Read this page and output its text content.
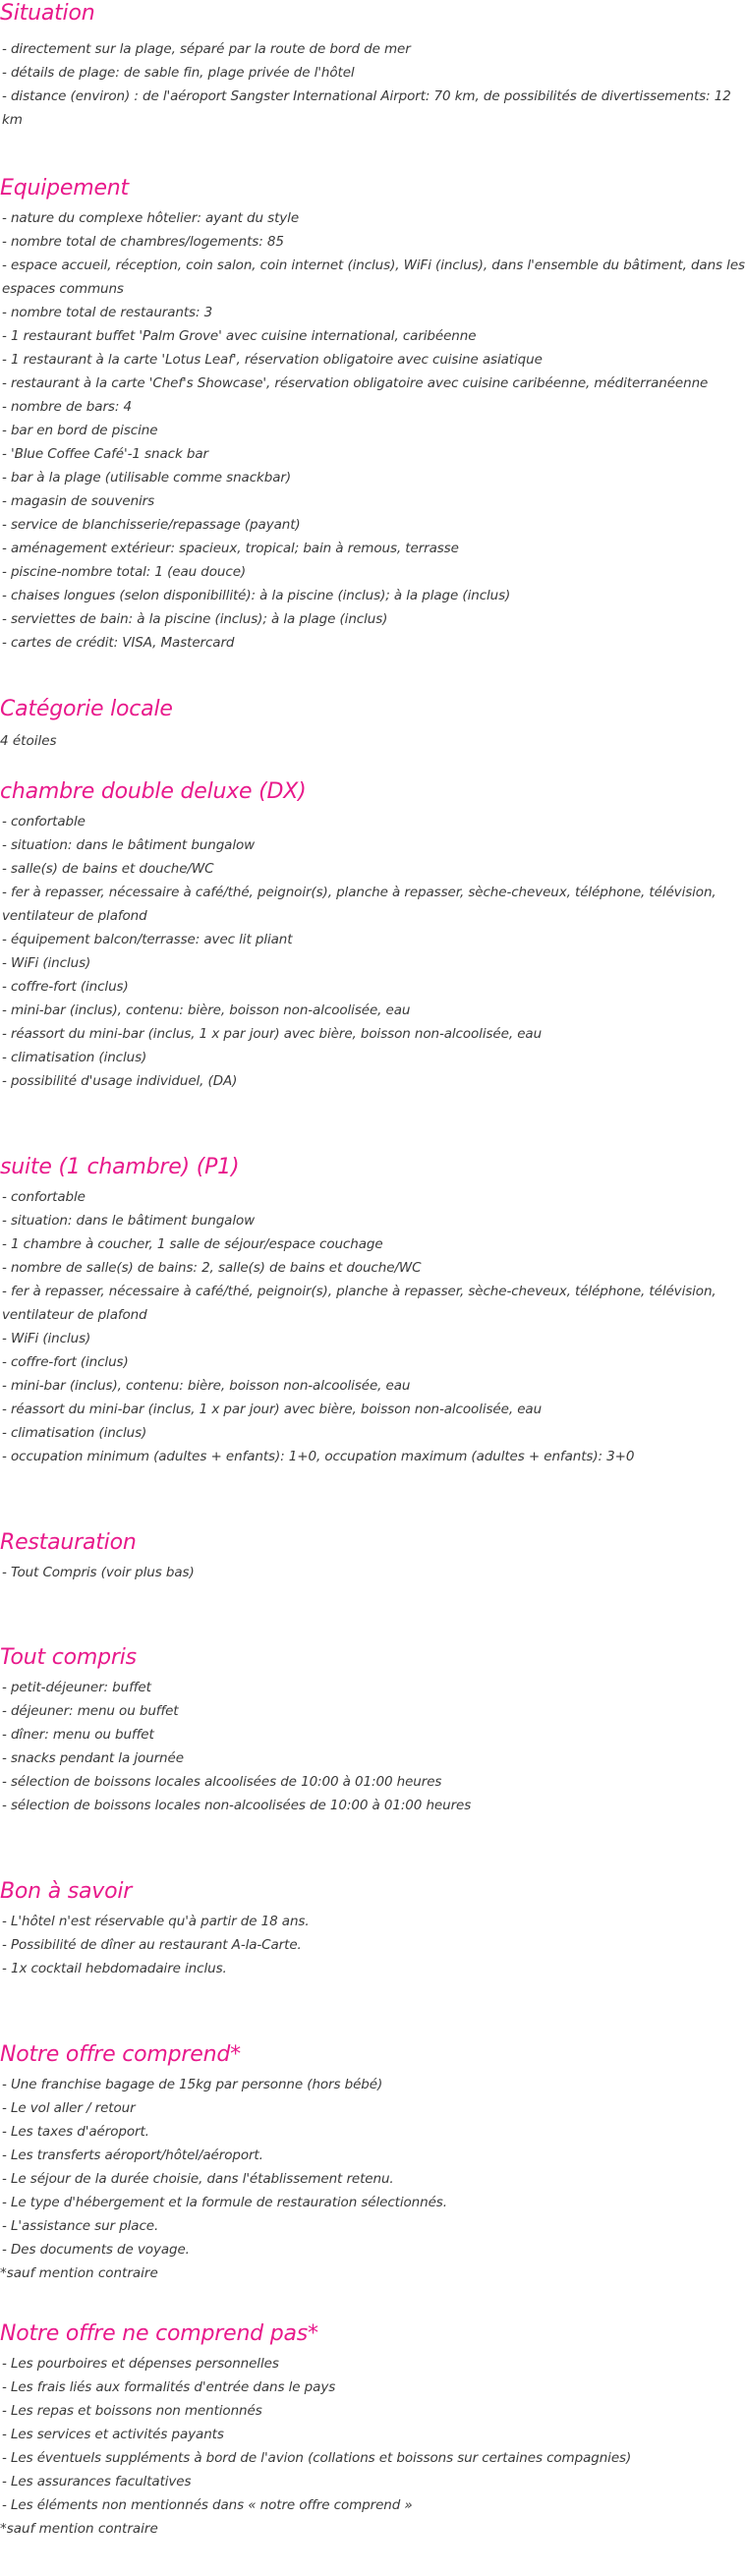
Situation

- directement sur la plage, séparé par la route de bord de mer

- détails de plage: de sable fin, plage privée de l'hôtel

- distance (environ) : de l'aéroport Sangster International Airport: 70 km, de possibilités de divertissements: 12 km

Equipement

- nature du complexe hôtelier: ayant du style

- nombre total de chambres/logements: 85

- espace accueil, réception, coin salon, coin internet (inclus), WiFi (inclus), dans l'ensemble du bâtiment, dans les espaces communs

- nombre total de restaurants: 3

- 1 restaurant buffet 'Palm Grove' avec cuisine international, caribéenne

- 1 restaurant à la carte 'Lotus Leaf', réservation obligatoire avec cuisine asiatique

- restaurant à la carte 'Chef's Showcase', réservation obligatoire avec cuisine caribéenne, méditerranéenne

- nombre de bars: 4

- bar en bord de piscine

- 'Blue Coffee Café'-1 snack bar

- bar à la plage (utilisable comme snackbar)

- magasin de souvenirs

- service de blanchisserie/repassage (payant)

- aménagement extérieur: spacieux, tropical; bain à remous, terrasse

- piscine-nombre total: 1 (eau douce)

- chaises longues (selon disponibillité): à la piscine (inclus); à la plage (inclus)

- serviettes de bain: à la piscine (inclus); à la plage (inclus)

- cartes de crédit: VISA, Mastercard

Catégorie locale

4 étoiles

chambre double deluxe (DX)

- confortable

- situation: dans le bâtiment bungalow

- salle(s) de bains et douche/WC

- fer à repasser, nécessaire à café/thé, peignoir(s), planche à repasser, sèche-cheveux, téléphone, télévision, ventilateur de plafond

- équipement balcon/terrasse: avec lit pliant

- WiFi (inclus)

- coffre-fort (inclus)

- mini-bar (inclus), contenu: bière, boisson non-alcoolisée, eau

- réassort du mini-bar (inclus, 1 x par jour) avec bière, boisson non-alcoolisée, eau

- climatisation (inclus)

- possibilité d'usage individuel, (DA)

suite (1 chambre) (P1)

- confortable

- situation: dans le bâtiment bungalow

- 1 chambre à coucher, 1 salle de séjour/espace couchage

- nombre de salle(s) de bains: 2, salle(s) de bains et douche/WC

- fer à repasser, nécessaire à café/thé, peignoir(s), planche à repasser, sèche-cheveux, téléphone, télévision, ventilateur de plafond

- WiFi (inclus)

- coffre-fort (inclus)

- mini-bar (inclus), contenu: bière, boisson non-alcoolisée, eau

- réassort du mini-bar (inclus, 1 x par jour) avec bière, boisson non-alcoolisée, eau

- climatisation (inclus)

- occupation minimum (adultes + enfants): 1+0, occupation maximum (adultes + enfants): 3+0

Restauration

- Tout Compris (voir plus bas)

Tout compris

- petit-déjeuner: buffet

- déjeuner: menu ou buffet

- dîner: menu ou buffet

- snacks pendant la journée

- sélection de boissons locales alcoolisées de 10:00 à 01:00 heures

- sélection de boissons locales non-alcoolisées de 10:00 à 01:00 heures

Bon à savoir

- L'hôtel n'est réservable qu'à partir de 18 ans.

- Possibilité de dîner au restaurant A-la-Carte.

- 1x cocktail hebdomadaire inclus.

Notre offre comprend*

- Une franchise bagage de 15kg par personne (hors bébé)

- Le vol aller / retour

- Les taxes d'aéroport.

- Les transferts aéroport/hôtel/aéroport.

- Le séjour de la durée choisie, dans l'établissement retenu.

- Le type d'hébergement et la formule de restauration sélectionnés.

- L'assistance sur place.

- Des documents de voyage.

*sauf mention contraire

Notre offre ne comprend pas*

- Les pourboires et dépenses personnelles

- Les frais liés aux formalités d'entrée dans le pays

- Les repas et boissons non mentionnés

- Les services et activités payants

- Les éventuels suppléments à bord de l'avion (collations et boissons sur certaines compagnies)

- Les assurances facultatives

- Les éléments non mentionnés dans « notre offre comprend »

*sauf mention contraire
